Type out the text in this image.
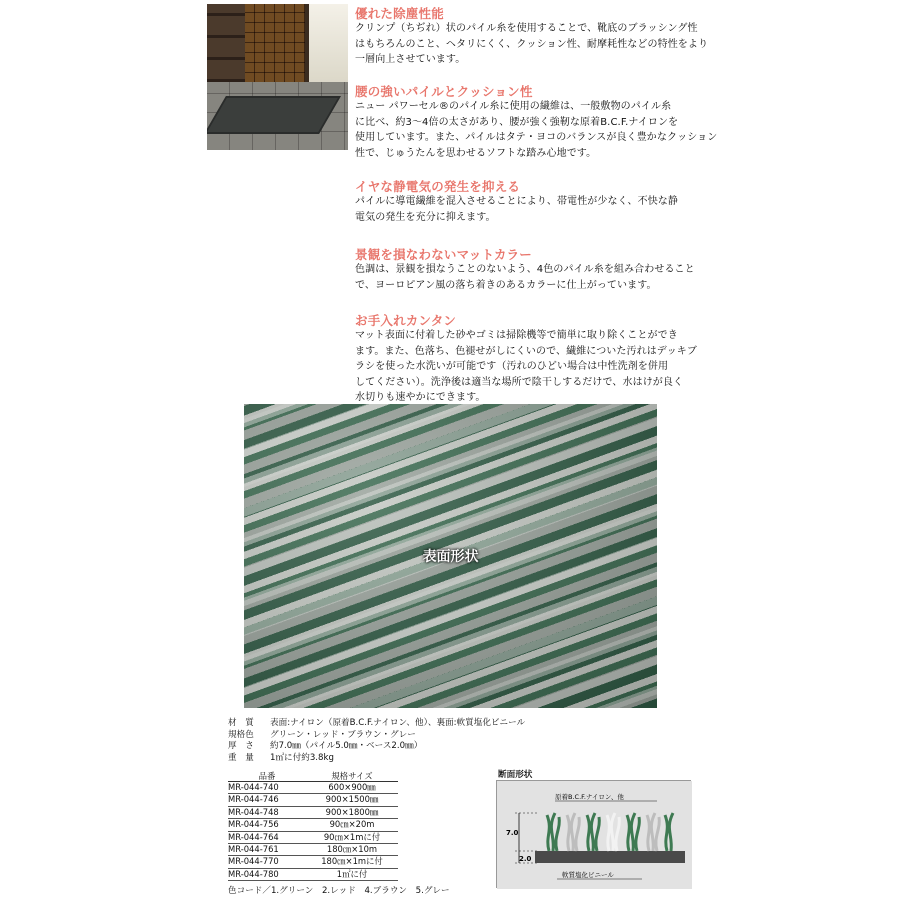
優れた除塵性能

クリンプ（ちぢれ）状のパイル糸を使用することで、靴底のブラッシング性

はもちろんのこと、ヘタリにくく、クッション性、耐摩耗性などの特性をより

一層向上させています。

腰の強いパイルとクッション性

ニュー パワーセル®のパイル糸に使用の繊維は、一般敷物のパイル糸

に比べ、約3〜4倍の太さがあり、腰が強く強靭な原着B.C.F.ナイロンを

使用しています。また、パイルはタテ・ヨコのバランスが良く豊かなクッション

性で、じゅうたんを思わせるソフトな踏み心地です。

イヤな静電気の発生を抑える

パイルに導電繊維を混入させることにより、帯電性が少なく、不快な静

電気の発生を充分に抑えます。

景観を損なわないマットカラー

色調は、景観を損なうことのないよう、4色のパイル糸を組み合わせること

で、ヨーロピアン風の落ち着きのあるカラーに仕上がっています。

お手入れカンタン

マット表面に付着した砂やゴミは掃除機等で簡単に取り除くことができ

ます。また、色落ち、色褪せがしにくいので、繊維についた汚れはデッキブ

ラシを使った水洗いが可能です（汚れのひどい場合は中性洗剤を併用

してください）。洗浄後は適当な場所で陰干しするだけで、水はけが良く

水切りも速やかにできます。

表面形状
材　質 表面:ナイロン（原着B.C.F.ナイロン、他）、裏面:軟質塩化ビニール
規格色 グリーン・レッド・ブラウン・グレー
厚　さ 約7.0㎜（パイル5.0㎜・ベース2.0㎜）
重　量 1㎡に付約3.8kg
品番	規格サイズ
MR-044-740	600×900㎜
MR-044-746	900×1500㎜
MR-044-748	900×1800㎜
MR-044-756	90㎝×20m
MR-044-764	90㎝×1mに付
MR-044-761	180㎝×10m
MR-044-770	180㎝×1mに付
MR-044-780	1㎡に付
色コード／1.グリーン　2.レッド　4.ブラウン　5.グレー
断面形状
7.0
2.0
原着B.C.F.ナイロン、他
軟質塩化ビニール
